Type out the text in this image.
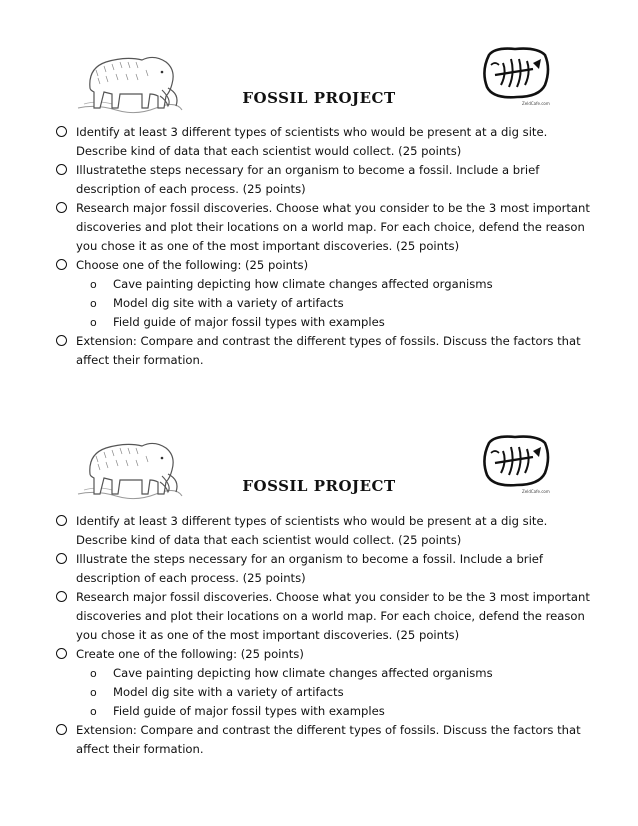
FOSSIL PROJECT	ZeldCafe.com
Identify at least 3 different types of scientists who would be present at a dig site. Describe kind of data that each scientist would collect. (25 points)
Illustratethe steps necessary for an organism to become a fossil. Include a brief description of each process. (25 points)
Research major fossil discoveries. Choose what you consider to be the 3 most important discoveries and plot their locations on a world map. For each choice, defend the reason you chose it as one of the most important discoveries. (25 points)
Choose one of the following: (25 points)
o Cave painting depicting how climate changes affected organisms
o Model dig site with a variety of artifacts
o Field guide of major fossil types with examples
Extension: Compare and contrast the different types of fossils. Discuss the factors that affect their formation.
FOSSIL PROJECT	ZeldCafe.com
Identify at least 3 different types of scientists who would be present at a dig site. Describe kind of data that each scientist would collect. (25 points)
Illustrate the steps necessary for an organism to become a fossil. Include a brief description of each process. (25 points)
Research major fossil discoveries. Choose what you consider to be the 3 most important discoveries and plot their locations on a world map. For each choice, defend the reason you chose it as one of the most important discoveries. (25 points)
Create one of the following: (25 points)
o Cave painting depicting how climate changes affected organisms
o Model dig site with a variety of artifacts
o Field guide of major fossil types with examples
Extension: Compare and contrast the different types of fossils. Discuss the factors that affect their formation.
